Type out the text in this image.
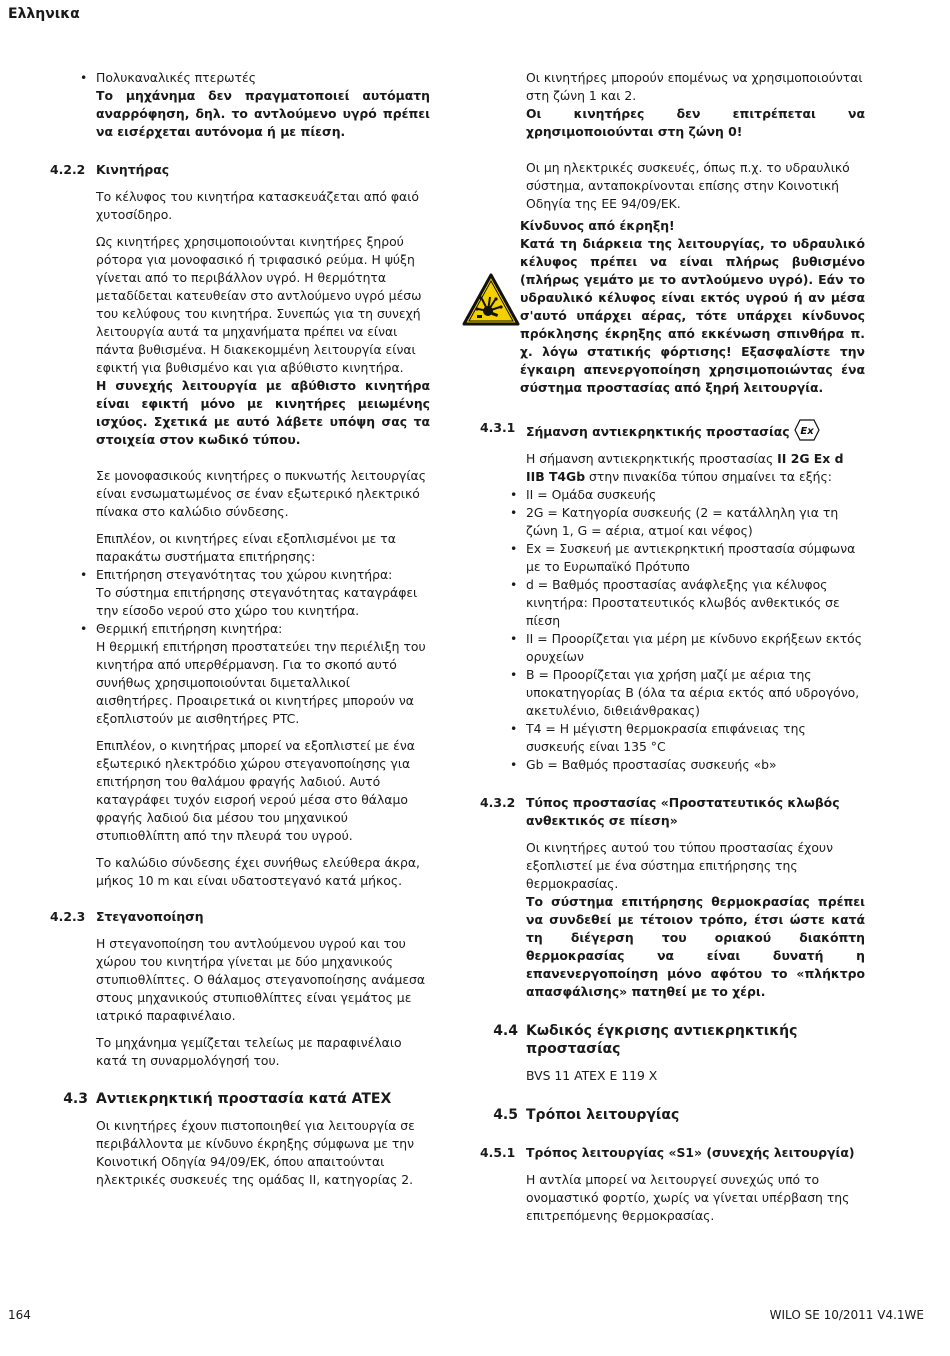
Ελληνικα
• Πολυκαναλικές πτερωτές
Το μηχάνημα δεν πραγματοποιεί αυτόματη αναρρόφηση, δηλ. το αντλούμενο υγρό πρέπει να εισέρχεται αυτόνομα ή με πίεση.
4.2.2 Κινητήρας

Το κέλυφος του κινητήρα κατασκευάζεται από φαιό χυτοσίδηρο.

Ως κινητήρες χρησιμοποιούνται κινητήρες ξηρού ρότορα για μονοφασικό ή τριφασικό ρεύμα. Η ψύξη γίνεται από το περιβάλλον υγρό. Η θερμότητα μεταδίδεται κατευθείαν στο αντλούμενο υγρό μέσω του κελύφους του κινητήρα. Συνεπώς για τη συνεχή λειτουργία αυτά τα μηχανήματα πρέπει να είναι πάντα βυθισμένα. Η διακεκομμένη λειτουργία είναι εφικτή για βυθισμένο και για αβύθιστο κινητήρα.

Η συνεχής λειτουργία με αβύθιστο κινητήρα είναι εφικτή μόνο με κινητήρες μειωμένης ισχύος. Σχετικά με αυτό λάβετε υπόψη σας τα στοιχεία στον κωδικό τύπου.

Σε μονοφασικούς κινητήρες ο πυκνωτής λειτουργίας είναι ενσωματωμένος σε έναν εξωτερικό ηλεκτρικό πίνακα στο καλώδιο σύνδεσης.

Επιπλέον, οι κινητήρες είναι εξοπλισμένοι με τα παρακάτω συστήματα επιτήρησης:

• Επιτήρηση στεγανότητας του χώρου κινητήρα:
Το σύστημα επιτήρησης στεγανότητας καταγράφει την είσοδο νερού στο χώρο του κινητήρα.
• Θερμική επιτήρηση κινητήρα:
Η θερμική επιτήρηση προστατεύει την περιέλιξη του κινητήρα από υπερθέρμανση. Για το σκοπό αυτό συνήθως χρησιμοποιούνται διμεταλλικοί αισθητήρες. Προαιρετικά οι κινητήρες μπορούν να εξοπλιστούν με αισθητήρες PTC.

Επιπλέον, ο κινητήρας μπορεί να εξοπλιστεί με ένα εξωτερικό ηλεκτρόδιο χώρου στεγανοποίησης για επιτήρηση του θαλάμου φραγής λαδιού. Αυτό καταγράφει τυχόν εισροή νερού μέσα στο θάλαμο φραγής λαδιού δια μέσου του μηχανικού στυπιοθλίπτη από την πλευρά του υγρού.

Το καλώδιο σύνδεσης έχει συνήθως ελεύθερα άκρα, μήκος 10 m και είναι υδατοστεγανό κατά μήκος.

4.2.3 Στεγανοποίηση

Η στεγανοποίηση του αντλούμενου υγρού και του χώρου του κινητήρα γίνεται με δύο μηχανικούς στυπιοθλίπτες. Ο θάλαμος στεγανοποίησης ανάμεσα στους μηχανικούς στυπιοθλίπτες είναι γεμάτος με ιατρικό παραφινέλαιο.

Το μηχάνημα γεμίζεται τελείως με παραφινέλαιο κατά τη συναρμολόγησή του.

4.3 Αντιεκρηκτική προστασία κατά ATEX

Οι κινητήρες έχουν πιστοποιηθεί για λειτουργία σε περιβάλλοντα με κίνδυνο έκρηξης σύμφωνα με την Κοινοτική Οδηγία 94/09/ΕΚ, όπου απαιτούνται ηλεκτρικές συσκευές της ομάδας II, κατηγορίας 2.

Οι κινητήρες μπορούν επομένως να χρησιμοποιούνται στη ζώνη 1 και 2.

Οι κινητήρες δεν επιτρέπεται να χρησιμοποιούνται στη ζώνη 0!

Οι μη ηλεκτρικές συσκευές, όπως π.χ. το υδραυλικό σύστημα, ανταποκρίνονται επίσης στην Κοινοτική Οδηγία της ΕΕ 94/09/ΕΚ.

Κίνδυνος από έκρηξη!

Κατά τη διάρκεια της λειτουργίας, το υδραυλικό κέλυφος πρέπει να είναι πλήρως βυθισμένο (πλήρως γεμάτο με το αντλούμενο υγρό). Εάν το υδραυλικό κέλυφος είναι εκτός υγρού ή αν μέσα σ'αυτό υπάρχει αέρας, τότε υπάρχει κίνδυνος πρόκλησης έκρηξης από εκκένωση σπινθήρα π. χ. λόγω στατικής φόρτισης! Εξασφαλίστε την έγκαιρη απενεργοποίηση χρησιμοποιώντας ένα σύστημα προστασίας από ξηρή λειτουργία.

4.3.1 Σήμανση αντιεκρηκτικής προστασίας Ex

Η σήμανση αντιεκρηκτικής προστασίας II 2G Ex d IIB T4Gb στην πινακίδα τύπου σημαίνει τα εξής:

• II = Ομάδα συσκευής
• 2G = Κατηγορία συσκευής (2 = κατάλληλη για τη ζώνη 1, G = αέρια, ατμοί και νέφος)
• Ex = Συσκευή με αντιεκρηκτική προστασία σύμφωνα με το Ευρωπαϊκό Πρότυπο
• d = Βαθμός προστασίας ανάφλεξης για κέλυφος κινητήρα: Προστατευτικός κλωβός ανθεκτικός σε πίεση
• II = Προορίζεται για μέρη με κίνδυνο εκρήξεων εκτός ορυχείων
• B = Προορίζεται για χρήση μαζί με αέρια της υποκατηγορίας B (όλα τα αέρια εκτός από υδρογόνο, ακετυλένιο, διθειάνθρακας)
• T4 = Η μέγιστη θερμοκρασία επιφάνειας της συσκευής είναι 135 °C
• Gb = Βαθμός προστασίας συσκευής «b»
4.3.2 Τύπος προστασίας «Προστατευτικός κλωβός ανθεκτικός σε πίεση»

Οι κινητήρες αυτού του τύπου προστασίας έχουν εξοπλιστεί με ένα σύστημα επιτήρησης της θερμοκρασίας.

Το σύστημα επιτήρησης θερμοκρασίας πρέπει να συνδεθεί με τέτοιον τρόπο, έτσι ώστε κατά τη διέγερση του οριακού διακόπτη θερμοκρασίας να είναι δυνατή η επανενεργοποίηση μόνο αφότου το «πλήκτρο απασφάλισης» πατηθεί με το χέρι.

4.4 Κωδικός έγκρισης αντιεκρηκτικής προστασίας

BVS 11 ATEX E 119 X

4.5 Τρόποι λειτουργίας
4.5.1 Τρόπος λειτουργίας «S1» (συνεχής λειτουργία)

Η αντλία μπορεί να λειτουργεί συνεχώς υπό το ονομαστικό φορτίο, χωρίς να γίνεται υπέρβαση της επιτρεπόμενης θερμοκρασίας.

164	WILO SE 10/2011 V4.1WE
